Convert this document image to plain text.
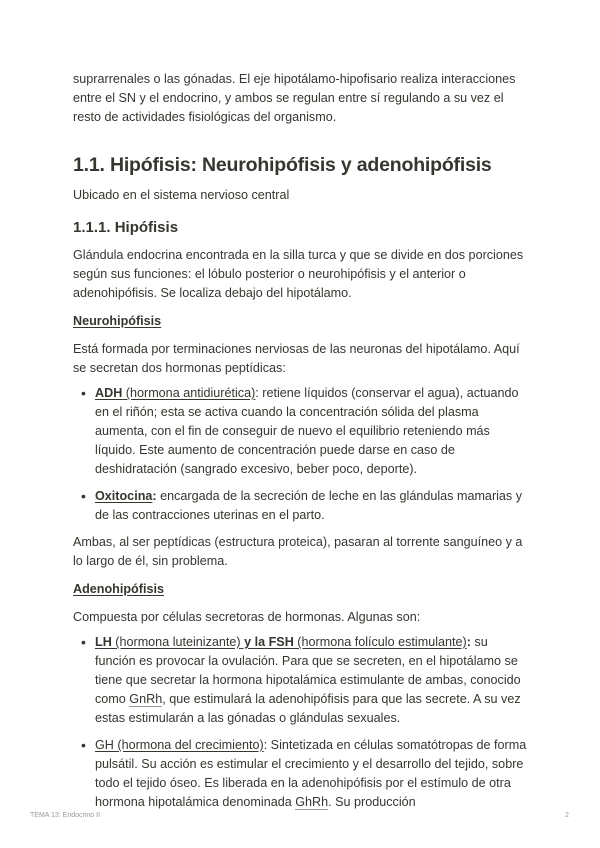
suprarrenales o las gónadas. El eje hipotálamo-hipofisario realiza interacciones entre el SN y el endocrino, y ambos se regulan entre sí regulando a su vez el resto de actividades fisiológicas del organismo.

1.1. Hipófisis: Neurohipófisis y adenohipófisis

Ubicado en el sistema nervioso central

1.1.1. Hipófisis

Glándula endocrina encontrada en la silla turca y que se divide en dos porciones según sus funciones: el lóbulo posterior o neurohipófisis y el anterior o adenohipófisis. Se localiza debajo del hipotálamo.

Neurohipófisis

Está formada por terminaciones nerviosas de las neuronas del hipotálamo. Aquí se secretan dos hormonas peptídicas:

• ADH (hormona antidiurética): retiene líquidos (conservar el agua), actuando en el riñón; esta se activa cuando la concentración sólida del plasma aumenta, con el fin de conseguir de nuevo el equilibrio reteniendo más líquido. Este aumento de concentración puede darse en caso de deshidratación (sangrado excesivo, beber poco, deporte).
• Oxitocina: encargada de la secreción de leche en las glándulas mamarias y de las contracciones uterinas en el parto.

Ambas, al ser peptídicas (estructura proteica), pasaran al torrente sanguíneo y a lo largo de él, sin problema.

Adenohipófisis

Compuesta por células secretoras de hormonas. Algunas son:

• LH (hormona luteinizante) y la FSH (hormona folículo estimulante): su función es provocar la ovulación. Para que se secreten, en el hipotálamo se tiene que secretar la hormona hipotalámica estimulante de ambas, conocido como GnRh, que estimulará la adenohipófisis para que las secrete. A su vez estas estimularán a las gónadas o glándulas sexuales.
• GH (hormona del crecimiento): Sintetizada en células somatótropas de forma pulsátil. Su acción es estimular el crecimiento y el desarrollo del tejido, sobre todo el tejido óseo. Es liberada en la adenohipófisis por el estímulo de otra hormona hipotalámica denominada GhRh. Su producción
TEMA 13: Endocrino II	2
